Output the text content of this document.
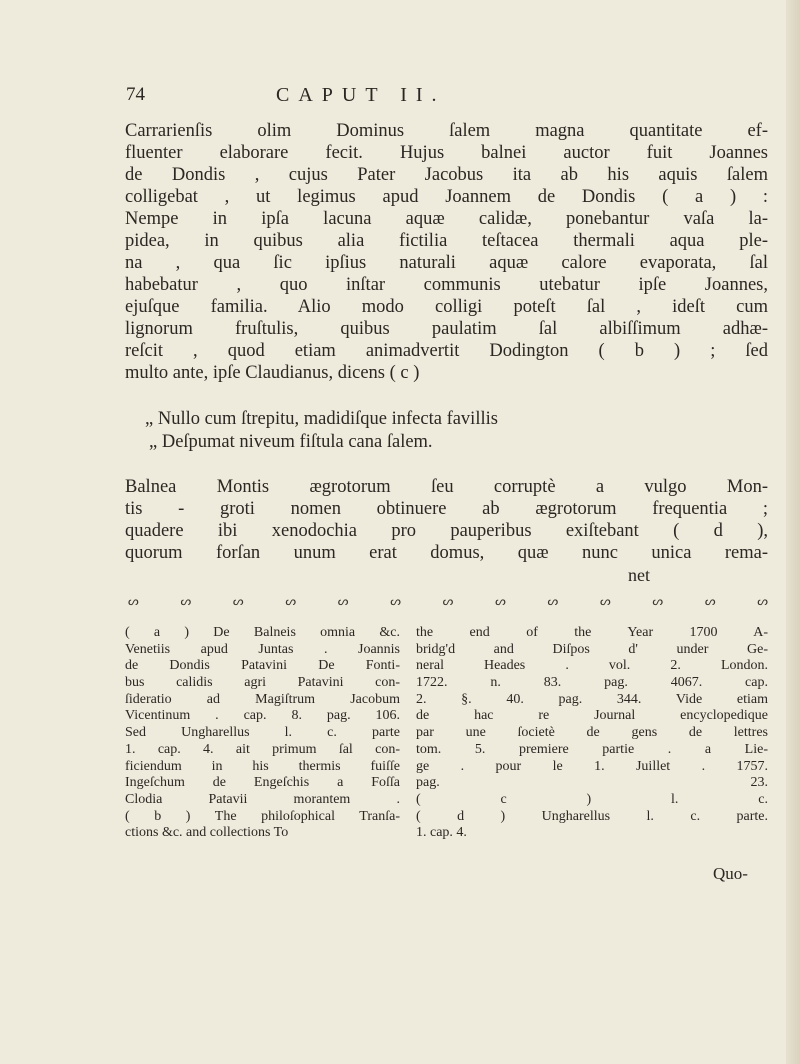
74	CAPUT II.
Carrarienſis olim Dominus ſalem magna quantitate ef-
fluenter elaborare fecit. Hujus balnei auctor fuit Joannes
de Dondis , cujus Pater Jacobus ita ab his aquis ſalem
colligebat , ut legimus apud Joannem de Dondis ( a ) :
Nempe in ipſa lacuna aquæ calidæ, ponebantur vaſa la-
pidea, in quibus alia fictilia teſtacea thermali aqua ple-
na , qua ſic ipſius naturali aquæ calore evaporata, ſal
habebatur , quo inſtar communis utebatur ipſe Joannes,
ejuſque familia. Alio modo colligi poteſt ſal , ideſt cum
lignorum fruſtulis, quibus paulatim ſal albiſſimum adhæ-
reſcit , quod etiam animadvertit Dodington ( b ) ; ſed
multo ante, ipſe Claudianus, dicens ( c )
„ Nullo cum ſtrepitu, madidiſque infecta favillis
„ Deſpumat niveum fiſtula cana ſalem.
Balnea Montis ægrotorum ſeu corruptè a vulgo Mon-
tis - groti nomen obtinuere ab ægrotorum frequentia ;
quadere ibi xenodochia pro pauperibus exiſtebant ( d ),
quorum forſan unum erat domus, quæ nunc unica rema-
net
ᔕ	ᔕ	ᔕ	ᔕ	ᔕ	ᔕ	ᔕ	ᔕ	ᔕ	ᔕ	ᔕ	ᔕ	ᔕ
( a ) De Balneis omnia &c.
Venetiis apud Juntas . Joannis
de Dondis Patavini De Fonti-
bus calidis agri Patavini con-
ſideratio ad Magiſtrum Jacobum
Vicentinum . cap. 8. pag. 106.
Sed Ungharellus l. c. parte
1. cap. 4. ait primum ſal con-
ficiendum in his thermis fuiſſe
Ingeſchum de Engeſchis a Foſſa
Clodia Patavii morantem .
( b ) The philoſophical Tranſa-
ctions &c. and collections To
the end of the Year 1700 A-
bridg'd and Diſpos d' under Ge-
neral Heades . vol. 2. London.
1722. n. 83. pag. 4067. cap.
2. §. 40. pag. 344. Vide etiam
de hac re Journal encyclopedique
par une ſocietè de gens de lettres
tom. 5. premiere partie . a Lie-
ge . pour le 1. Juillet . 1757.
pag. 23.
( c ) l. c.
( d ) Ungharellus l. c. parte.
1. cap. 4.
Quo-
